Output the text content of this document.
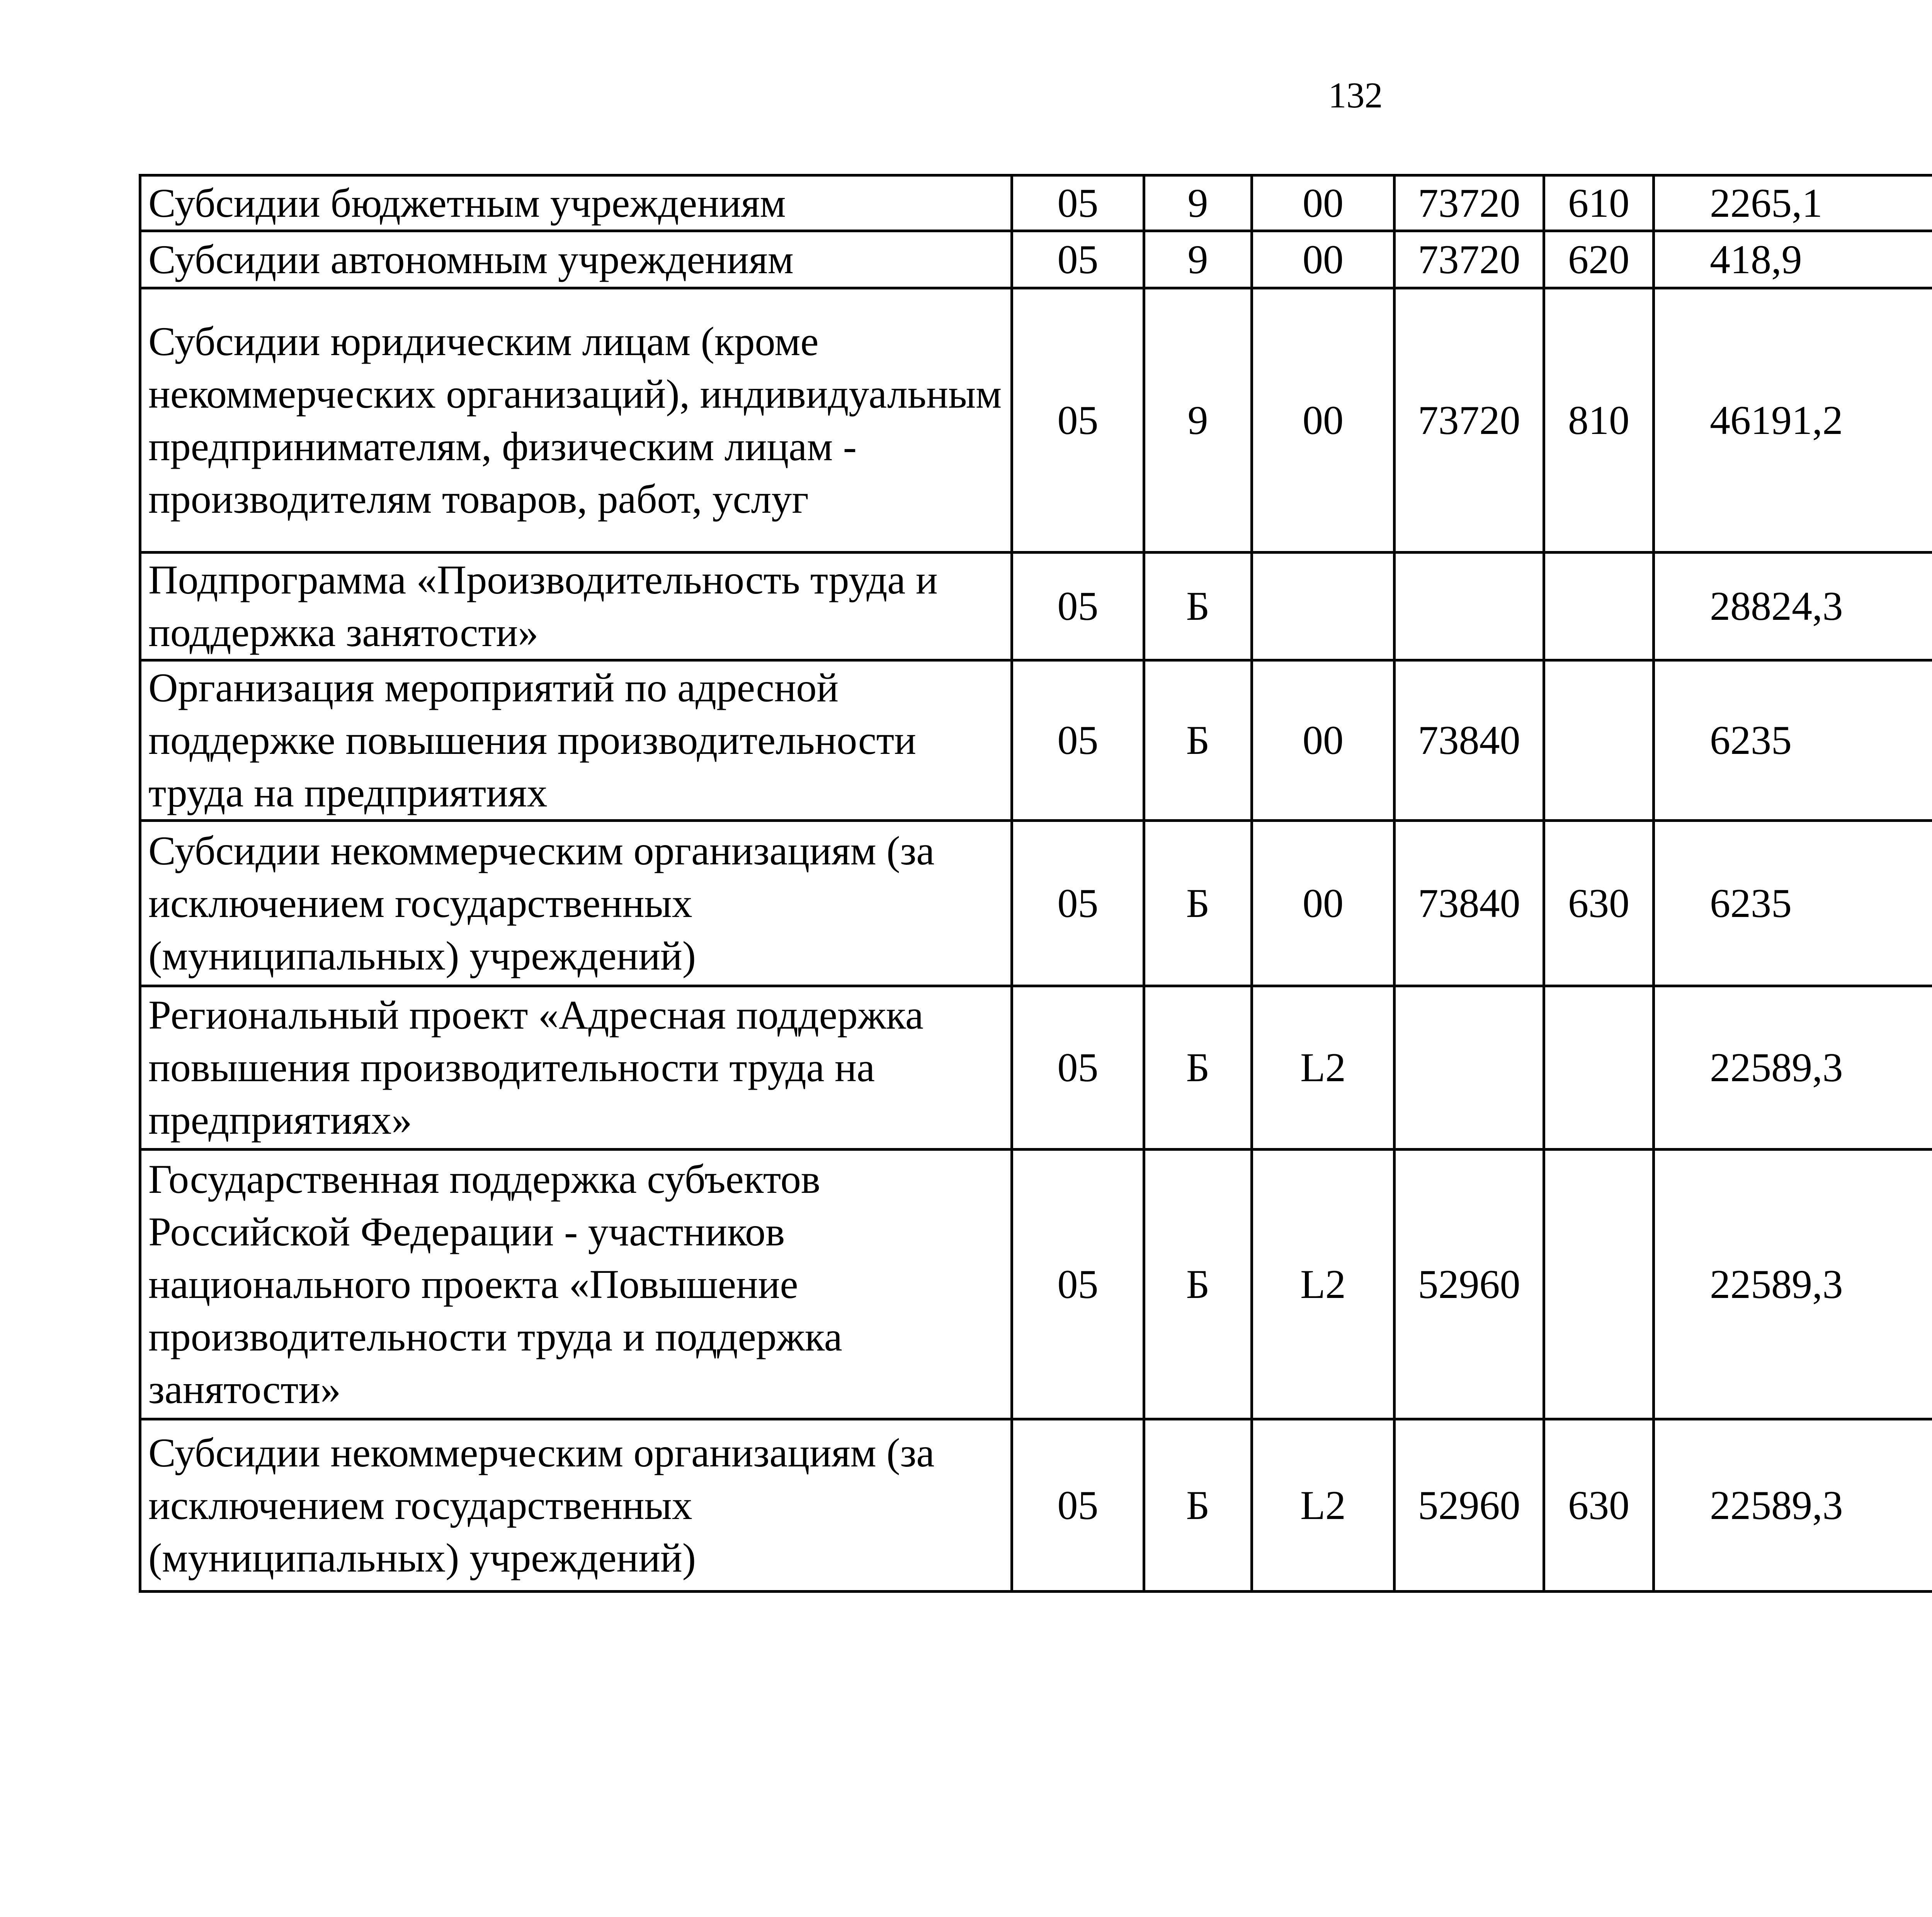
132
Субсидии бюджетным учреждениям	05	9	00	73720	610	2265,1		
Субсидии автономным учреждениям	05	9	00	73720	620	418,9		
Субсидии юридическим лицам (кроме некоммерческих организаций), индивидуальным предпринимателям, физическим лицам - производителям товаров, работ, услуг	05	9	00	73720	810	46191,2		
Подпрограмма «Производительность труда и поддержка занятости»	05	Б				28824,3		
Организация мероприятий по адресной поддержке повышения производительности труда на предприятиях	05	Б	00	73840		6235		
Субсидии некоммерческим организациям (за исключением государственных (муниципальных) учреждений)	05	Б	00	73840	630	6235		
Региональный проект «Адресная поддержка повышения производительности труда на предприятиях»	05	Б	L2			22589,3		
Государственная поддержка субъектов Российской Федерации - участников национального проекта «Повышение производительности труда и поддержка занятости»	05	Б	L2	52960		22589,3		
Субсидии некоммерческим организациям (за исключением государственных (муниципальных) учреждений)	05	Б	L2	52960	630	22589,3		
